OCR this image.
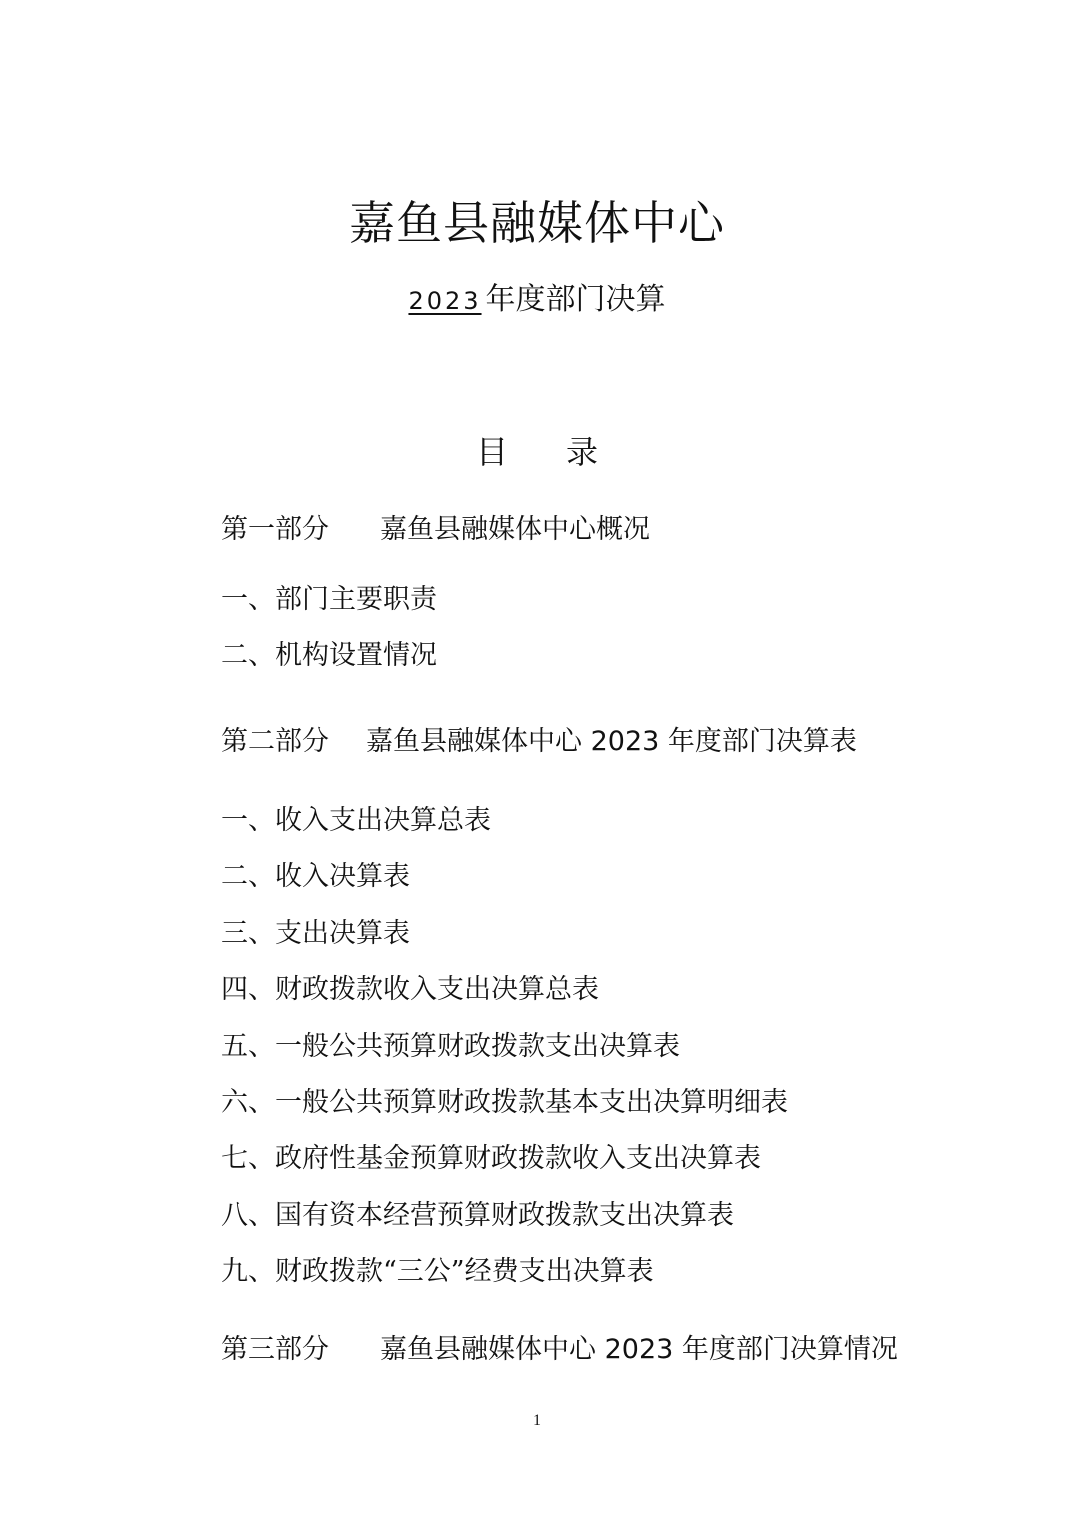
嘉鱼县融媒体中心
2023 年度部门决算
目 录
第一部分 嘉鱼县融媒体中心概况
一、部门主要职责
二、机构设置情况
第二部分 嘉鱼县融媒体中心 2023 年度部门决算表
一、收入支出决算总表
二、收入决算表
三、支出决算表
四、财政拨款收入支出决算总表
五、一般公共预算财政拨款支出决算表
六、一般公共预算财政拨款基本支出决算明细表
七、政府性基金预算财政拨款收入支出决算表
八、国有资本经营预算财政拨款支出决算表
九、财政拨款“三公”经费支出决算表
第三部分 嘉鱼县融媒体中心 2023 年度部门决算情况
1
